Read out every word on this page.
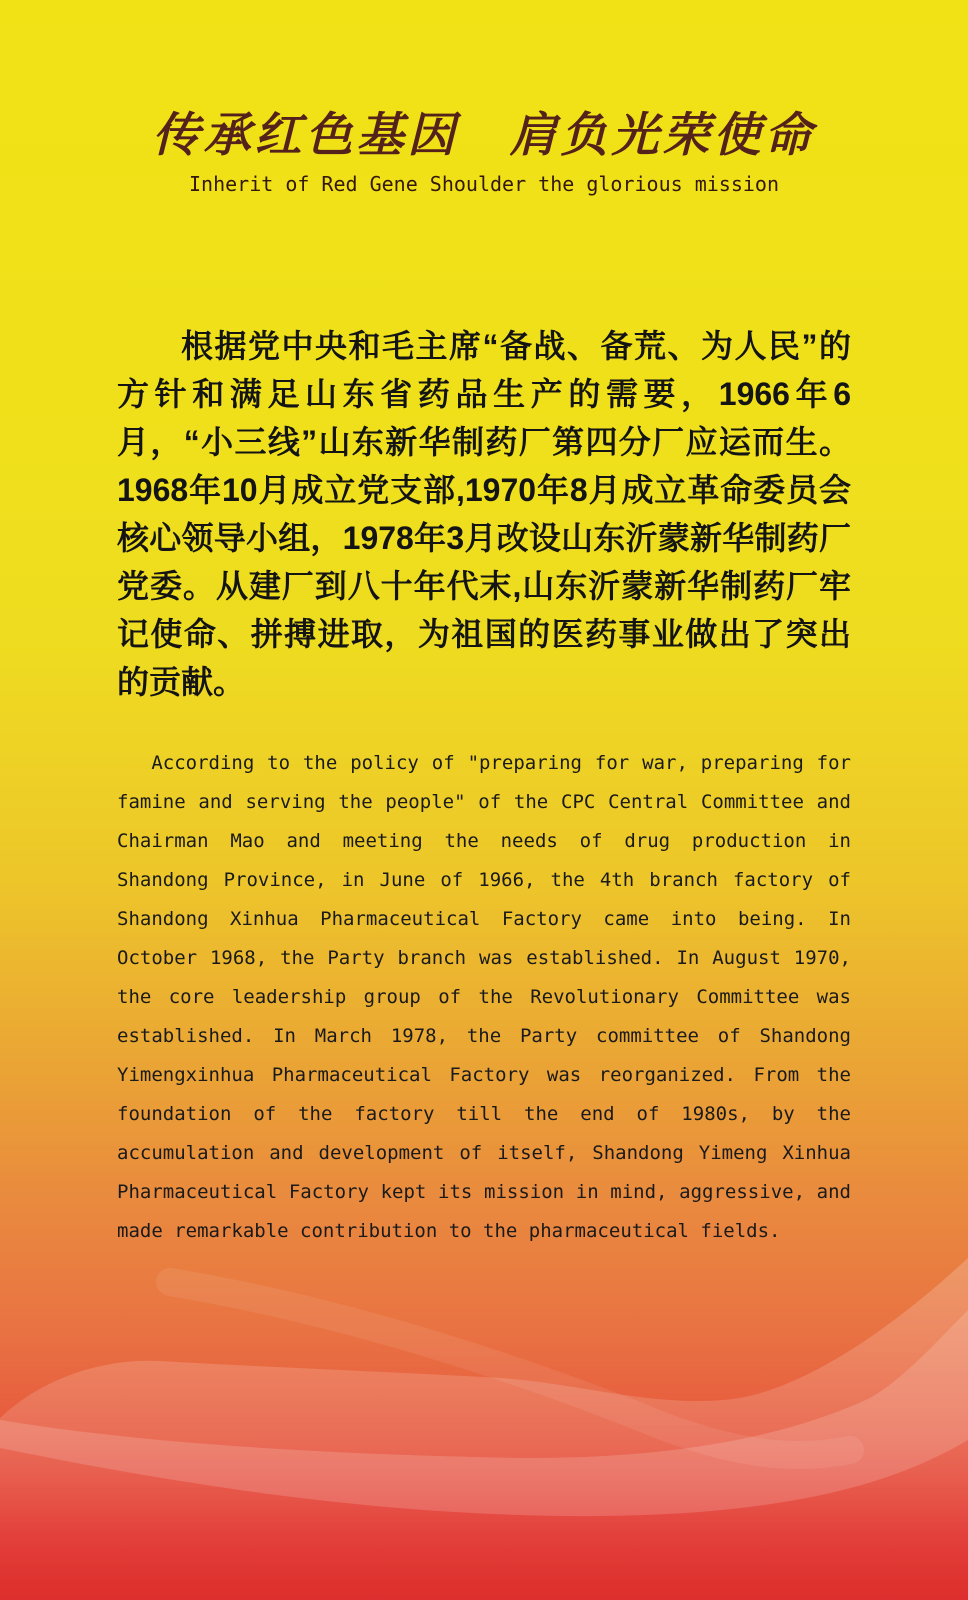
传承红色基因　肩负光荣使命
Inherit of Red Gene Shoulder the glorious mission

根据党中央和毛主席“备战、备荒、为人民”的方针和满足山东省药品生产的需要，1966年6月，“小三线”山东新华制药厂第四分厂应运而生。1968年10月成立党支部,1970年8月成立革命委员会核心领导小组，1978年3月改设山东沂蒙新华制药厂党委。从建厂到八十年代末,山东沂蒙新华制药厂牢记使命、拼搏进取，为祖国的医药事业做出了突出的贡献。

According to the policy of "preparing for war, preparing for famine and serving the people" of the CPC Central Committee and Chairman Mao and meeting the needs of drug production in Shandong Province, in June of 1966, the 4th branch factory of Shandong Xinhua Pharmaceutical Factory came into being. In October 1968, the Party branch was established. In August 1970, the core leadership group of the Revolutionary Committee was established. In March 1978, the Party committee of Shandong Yimengxinhua Pharmaceutical Factory was reorganized. From the foundation of the factory till the end of 1980s, by the accumulation and development of itself, Shandong Yimeng Xinhua Pharmaceutical Factory kept its mission in mind, aggressive, and made remarkable contribution to the pharmaceutical fields.
